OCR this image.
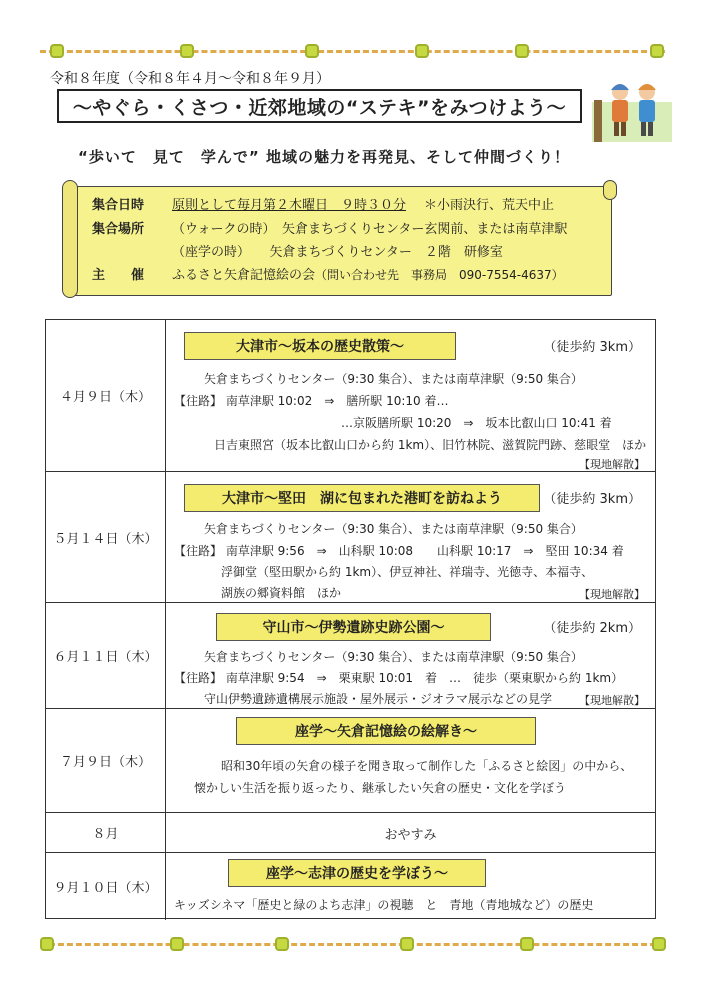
令和８年度（令和８年４月～令和８年９月）
～やぐら・くさつ・近郊地域の“ステキ”をみつけよう～
“歩いて　見て　学んで” 地域の魅力を再発見、そして仲間づくり！
集合日時 原則として毎月第２木曜日　９時３０分 ＊小雨決行、荒天中止
集合場所 （ウォークの時）　矢倉まちづくりセンター玄関前、または南草津駅
（座学の時）　　矢倉まちづくりセンター　２階　研修室
主　　催 ふるさと矢倉記憶絵の会（問い合わせ先　事務局　090-7554-4637）
４月９日（木）
大津市～坂本の歴史散策～	（徒歩約 3km）
矢倉まちづくりセンター（9:30 集合）、または南草津駅（9:50 集合）
【往路】 南草津駅 10:02　⇒　膳所駅 10:10 着…
…京阪膳所駅 10:20　⇒　坂本比叡山口 10:41 着
日吉東照宮（坂本比叡山口から約 1km）、旧竹林院、滋賀院門跡、慈眼堂　ほか
【現地解散】
５月１４日（木）
大津市～堅田　湖に包まれた港町を訪ねよう	（徒歩約 3km）
矢倉まちづくりセンター（9:30 集合）、または南草津駅（9:50 集合）
【往路】 南草津駅 9:56　⇒　山科駅 10:08　　山科駅 10:17　⇒　堅田 10:34 着
浮御堂（堅田駅から約 1km）、伊豆神社、祥瑞寺、光徳寺、本福寺、
湖族の郷資料館　ほか	【現地解散】
６月１１日（木）
守山市～伊勢遺跡史跡公園～	（徒歩約 2km）
矢倉まちづくりセンター（9:30 集合）、または南草津駅（9:50 集合）
【往路】 南草津駅 9:54　⇒　栗東駅 10:01　着　…　徒歩（栗東駅から約 1km）
守山伊勢遺跡遺構展示施設・屋外展示・ジオラマ展示などの見学 【現地解散】
７月９日（木）
座学～矢倉記憶絵の絵解き～
昭和30年頃の矢倉の様子を聞き取って制作した「ふるさと絵図」の中から、
懐かしい生活を振り返ったり、継承したい矢倉の歴史・文化を学ぼう
８月	おやすみ
９月１０日（木）
座学～志津の歴史を学ぼう～
キッズシネマ「歴史と緑のよち志津」の視聴　と　青地（青地城など）の歴史
